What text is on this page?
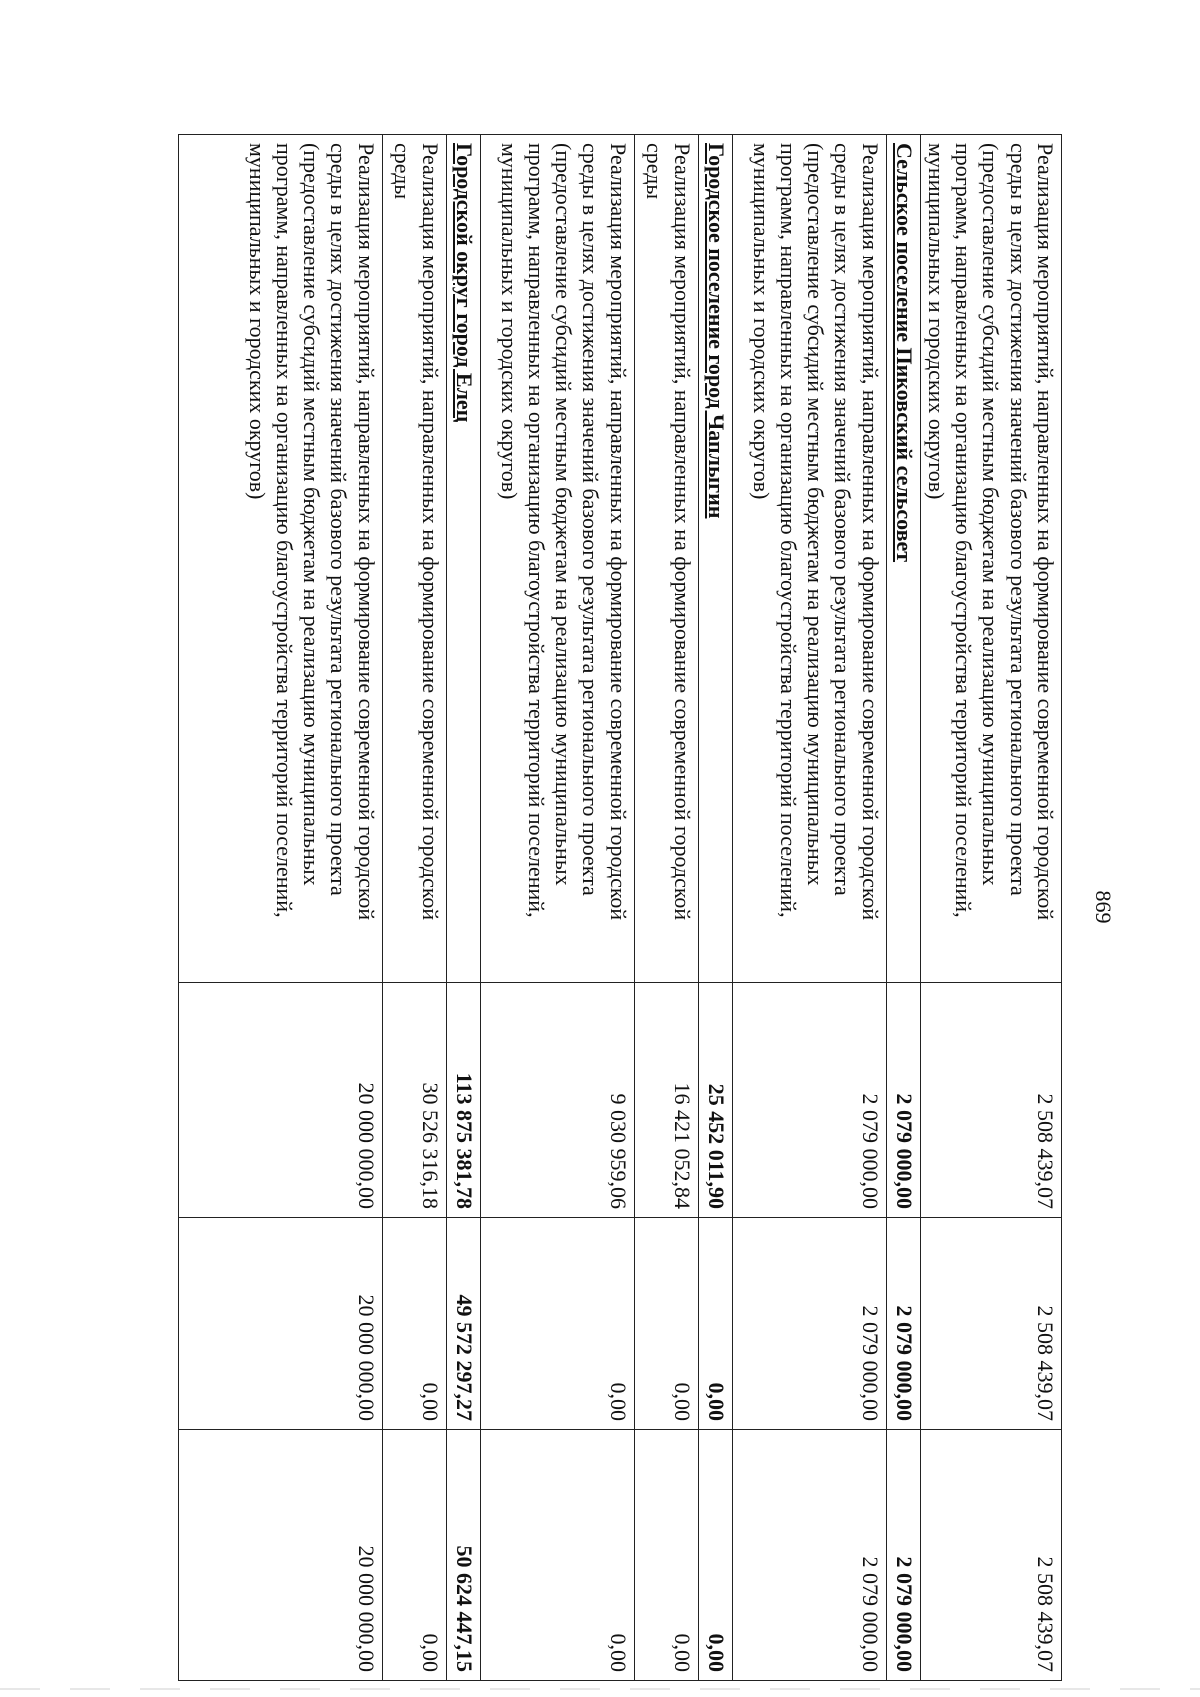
869
Реализация мероприятий, направленных на формирование современной городской среды в целях достижения значений базового результата регионального проекта (предоставление субсидий местным бюджетам на реализацию муниципальных программ, направленных на организацию благоустройства территорий поселений, муниципальных и городских округов)	2 508 439,07	2 508 439,07	2 508 439,07
Сельское поселение Пиковский сельсовет	2 079 000,00	2 079 000,00	2 079 000,00
Реализация мероприятий, направленных на формирование современной городской среды в целях достижения значений базового результата регионального проекта (предоставление субсидий местным бюджетам на реализацию муниципальных программ, направленных на организацию благоустройства территорий поселений, муниципальных и городских округов)	2 079 000,00	2 079 000,00	2 079 000,00
Городское поселение город Чаплыгин	25 452 011,90	0,00	0,00
Реализация мероприятий, направленных на формирование современной городской среды	16 421 052,84	0,00	0,00
Реализация мероприятий, направленных на формирование современной городской среды в целях достижения значений базового результата регионального проекта (предоставление субсидий местным бюджетам на реализацию муниципальных программ, направленных на организацию благоустройства территорий поселений, муниципальных и городских округов)	9 030 959,06	0,00	0,00
Городской округ город Елец	113 875 381,78	49 572 297,27	50 624 447,15
Реализация мероприятий, направленных на формирование современной городской среды	30 526 316,18	0,00	0,00
Реализация мероприятий, направленных на формирование современной городской среды в целях достижения значений базового результата регионального проекта (предоставление субсидий местным бюджетам на реализацию муниципальных программ, направленных на организацию благоустройства территорий поселений, муниципальных и городских округов)	20 000 000,00	20 000 000,00	20 000 000,00
